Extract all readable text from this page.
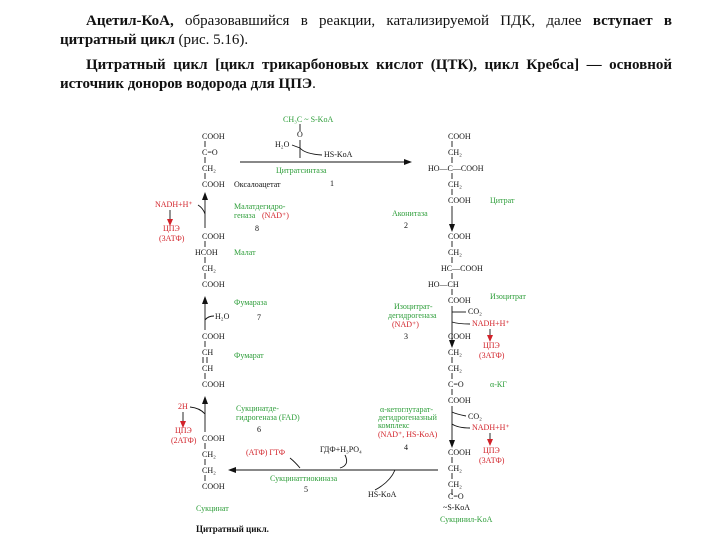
Ацетил-КоА, образовавшийся в реакции, катализируемой ПДК, далее вступает в цитратный цикл (рис. 5.16).
Цитратный цикл [цикл трикарбоновых кислот (ЦТК), цикл Кребса] — основной источник доноров водорода для ЦПЭ.
CH₃C ~ S-KoA
O
H₂O
HS-KoA
Цитратсинтаза
1
COOH
C=O
CH₂
COOH Оксалоацетат
NADH+H⁺
ЦПЭ
(3АТФ)
Малатдегидро-
геназа (NAD⁺)
8
COOH
HCOH
CH₂
COOH
Малат
Фумараза
H₂O	7
COOH
CH
CH
COOH
Фумарат
2H
ЦПЭ
(2АТФ)
Сукцинатде-
гидрогеназа (FAD)
6
COOH
CH₂
CH₂
COOH
Сукцинат
ГДФ+H₃PO₄
(АТФ) ГТФ
Сукцинаттиокиназа
5
HS-KoA
COOH
CH₂
HO—C—COOH
CH₂
COOH Цитрат
Аконитаза
2
COOH
CH₂
HC—COOH
HO—CH
COOH Изоцитрат
Изоцитрат-
дегидрогеназа
(NAD⁺)
3
CO₂
NADH+H⁺
ЦПЭ
(3АТФ)
COOH
CH₂
CH₂
C=O
COOH
α-КГ
α-кетоглутарат-
дегидрогеназный
комплекс
(NAD⁺, HS-KoA)
4
CO₂
NADH+H⁺
ЦПЭ
(3АТФ)
COOH
CH₂
CH₂
C=O
~S-KoA
Сукцинил-KoA
Цитратный цикл.
